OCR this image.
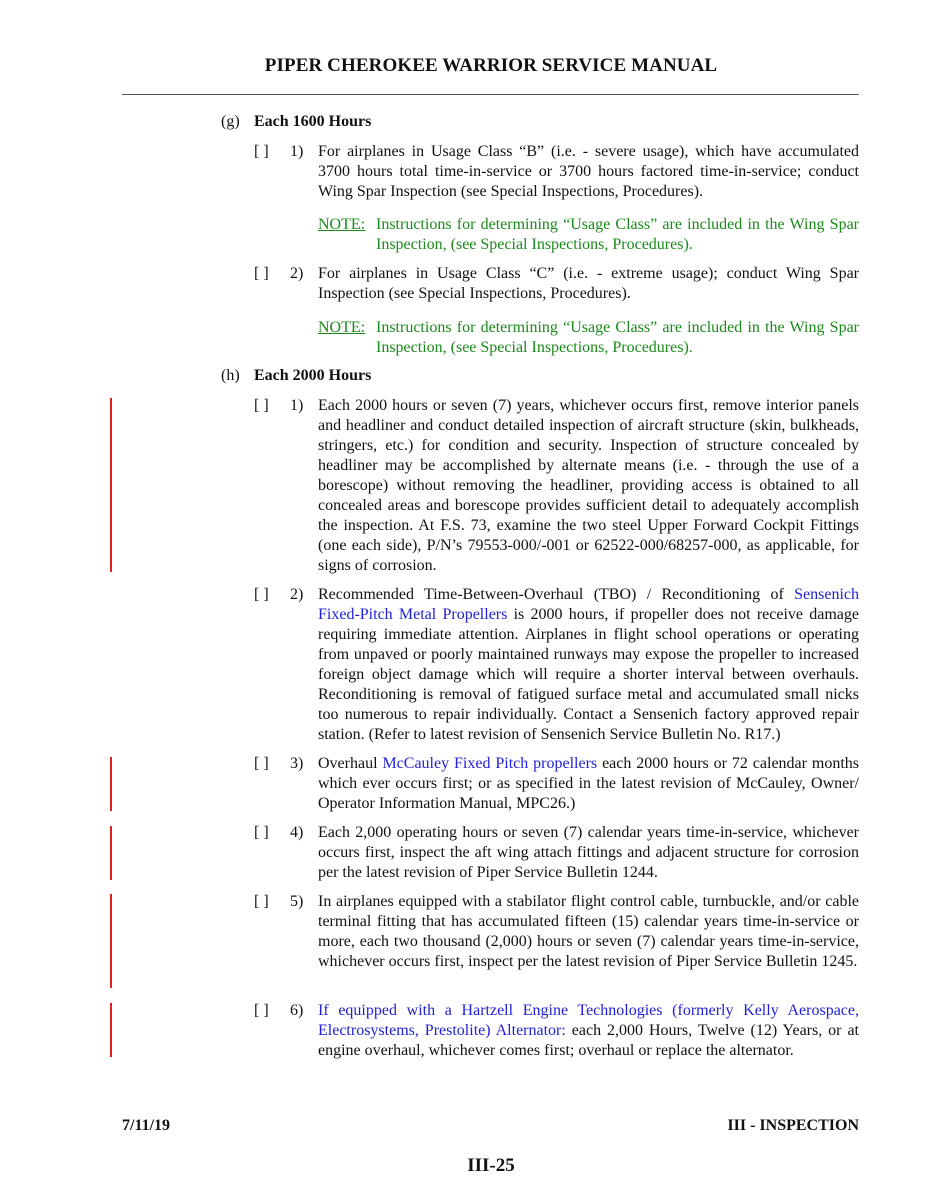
PIPER CHEROKEE WARRIOR SERVICE MANUAL
(g) Each 1600 Hours
[ ] 1) For airplanes in Usage Class “B” (i.e. - severe usage), which have accumulated 3700 hours total time-in-service or 3700 hours factored time-in-service; conduct Wing Spar Inspection (see Special Inspections, Procedures).
NOTE: Instructions for determining “Usage Class” are included in the Wing Spar Inspection, (see Special Inspections, Procedures).
[ ] 2) For airplanes in Usage Class “C” (i.e. - extreme usage); conduct Wing Spar Inspection (see Special Inspections, Procedures).
NOTE: Instructions for determining “Usage Class” are included in the Wing Spar Inspection, (see Special Inspections, Procedures).
(h) Each 2000 Hours
[ ] 1) Each 2000 hours or seven (7) years, whichever occurs first, remove interior panels and headliner and conduct detailed inspection of aircraft structure (skin, bulkheads, stringers, etc.) for condition and security. Inspection of structure concealed by headliner may be accomplished by alternate means (i.e. - through the use of a borescope) without removing the headliner, providing access is obtained to all concealed areas and borescope provides sufficient detail to adequately accomplish the inspection. At F.S. 73, examine the two steel Upper Forward Cockpit Fittings (one each side), P/N’s 79553-000/-001 or 62522-000/68257-000, as applicable, for signs of corrosion.
[ ] 2) Recommended Time-Between-Overhaul (TBO) / Reconditioning of Sensenich Fixed-Pitch Metal Propellers is 2000 hours, if propeller does not receive damage requiring immediate attention. Airplanes in flight school operations or operating from unpaved or poorly maintained runways may expose the propeller to increased foreign object damage which will require a shorter interval between overhauls. Reconditioning is removal of fatigued surface metal and accumulated small nicks too numerous to repair individually. Contact a Sensenich factory approved repair station. (Refer to latest revision of Sensenich Service Bulletin No. R17.)
[ ] 3) Overhaul McCauley Fixed Pitch propellers each 2000 hours or 72 calendar months which ever occurs first; or as specified in the latest revision of McCauley, Owner/ Operator Information Manual, MPC26.)
[ ] 4) Each 2,000 operating hours or seven (7) calendar years time-in-service, whichever occurs first, inspect the aft wing attach fittings and adjacent structure for corrosion per the latest revision of Piper Service Bulletin 1244.
[ ] 5) In airplanes equipped with a stabilator flight control cable, turnbuckle, and/or cable terminal fitting that has accumulated fifteen (15) calendar years time-in-service or more, each two thousand (2,000) hours or seven (7) calendar years time-in-service, whichever occurs first, inspect per the latest revision of Piper Service Bulletin 1245.
[ ] 6) If equipped with a Hartzell Engine Technologies (formerly Kelly Aerospace, Electrosystems, Prestolite) Alternator: each 2,000 Hours, Twelve (12) Years, or at engine overhaul, whichever comes first; overhaul or replace the alternator.
7/11/19	III - INSPECTION
III-25
